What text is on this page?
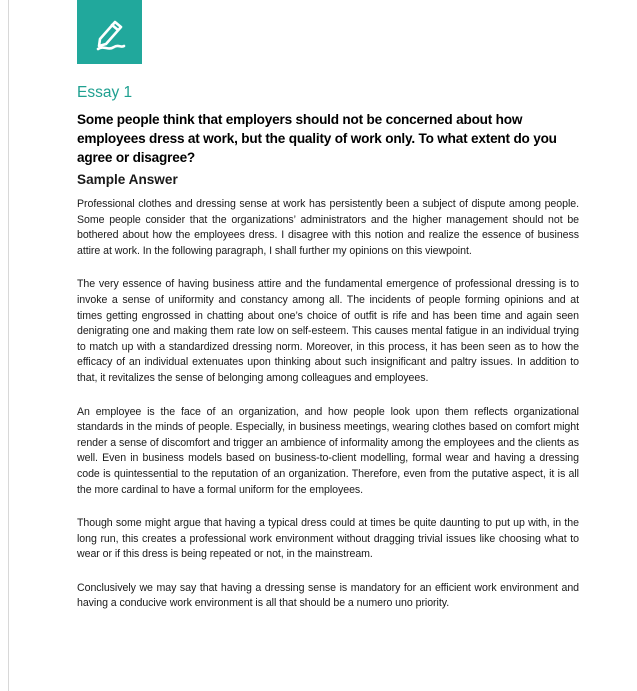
Essay 1

Some people think that employers should not be concerned about how employees dress at work, but the quality of work only. To what extent do you agree or disagree?

Sample Answer

Professional clothes and dressing sense at work has persistently been a subject of dispute among people. Some people consider that the organizations’ administrators and the higher management should not be bothered about how the employees dress. I disagree with this notion and realize the essence of business attire at work. In the following paragraph, I shall further my opinions on this viewpoint.

The very essence of having business attire and the fundamental emergence of professional dressing is to invoke a sense of uniformity and constancy among all. The incidents of people forming opinions and at times getting engrossed in chatting about one’s choice of outfit is rife and has been time and again seen denigrating one and making them rate low on self-esteem. This causes mental fatigue in an individual trying to match up with a standardized dressing norm. Moreover, in this process, it has been seen as to how the efficacy of an individual extenuates upon thinking about such insignificant and paltry issues. In addition to that, it revitalizes the sense of belonging among colleagues and employees.

An employee is the face of an organization, and how people look upon them reflects organizational standards in the minds of people. Especially, in business meetings, wearing clothes based on comfort might render a sense of discomfort and trigger an ambience of informality among the employees and the clients as well. Even in business models based on business-to-client modelling, formal wear and having a dressing code is quintessential to the reputation of an organization. Therefore, even from the putative aspect, it is all the more cardinal to have a formal uniform for the employees.

Though some might argue that having a typical dress could at times be quite daunting to put up with, in the long run, this creates a professional work environment without dragging trivial issues like choosing what to wear or if this dress is being repeated or not, in the mainstream.

Conclusively we may say that having a dressing sense is mandatory for an efficient work environment and having a conducive work environment is all that should be a numero uno priority.
